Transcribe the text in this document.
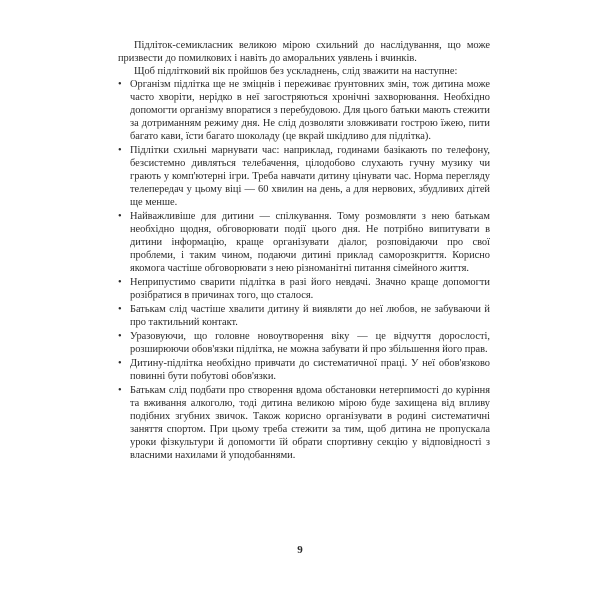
Підліток-семикласник великою мірою схильний до наслідування, що може призвести до помилкових і навіть до аморальних уявлень і вчинків.

Щоб підлітковий вік пройшов без ускладнень, слід зважити на наступне:

• Організм підлітка ще не зміцнів і переживає ґрунтовних змін, тож дитина може часто хворіти, нерідко в неї загостряються хронічні захворювання. Необхідно допомогти організму впоратися з перебудовою. Для цього батьки мають стежити за дотриманням режиму дня. Не слід дозволяти зловживати гострою їжею, пити багато кави, їсти багато шоколаду (це вкрай шкідливо для підлітка).
• Підлітки схильні марнувати час: наприклад, годинами базікають по телефону, безсистемно дивляться телебачення, цілодобово слухають гучну музику чи грають у комп'ютерні ігри. Треба навчати дитину цінувати час. Норма перегляду телепередач у цьому віці — 60 хвилин на день, а для нервових, збудливих дітей ще менше.
• Найважливіше для дитини — спілкування. Тому розмовляти з нею батькам необхідно щодня, обговорювати події цього дня. Не потрібно випитувати в дитини інформацію, краще організувати діалог, розповідаючи про свої проблеми, і таким чином, подаючи дитині приклад саморозкриття. Корисно якомога частіше обговорювати з нею різноманітні питання сімейного життя.
• Неприпустимо сварити підлітка в разі його невдачі. Значно краще допомогти розібратися в причинах того, що сталося.
• Батькам слід частіше хвалити дитину й виявляти до неї любов, не забуваючи й про тактильний контакт.
• Уразовуючи, що головне новоутворення віку — це відчуття дорослості, розширюючи обов'язки підлітка, не можна забувати й про збільшення його прав.
• Дитину-підлітка необхідно привчати до систематичної праці. У неї обов'язково повинні бути побутові обов'язки.
• Батькам слід подбати про створення вдома обстановки нетерпимості до куріння та вживання алкоголю, тоді дитина великою мірою буде захищена від впливу подібних згубних звичок. Також корисно організувати в родині систематичні заняття спортом. При цьому треба стежити за тим, щоб дитина не пропускала уроки фізкультури й допомогти їй обрати спортивну секцію у відповідності з власними нахилами й уподобаннями.
9
